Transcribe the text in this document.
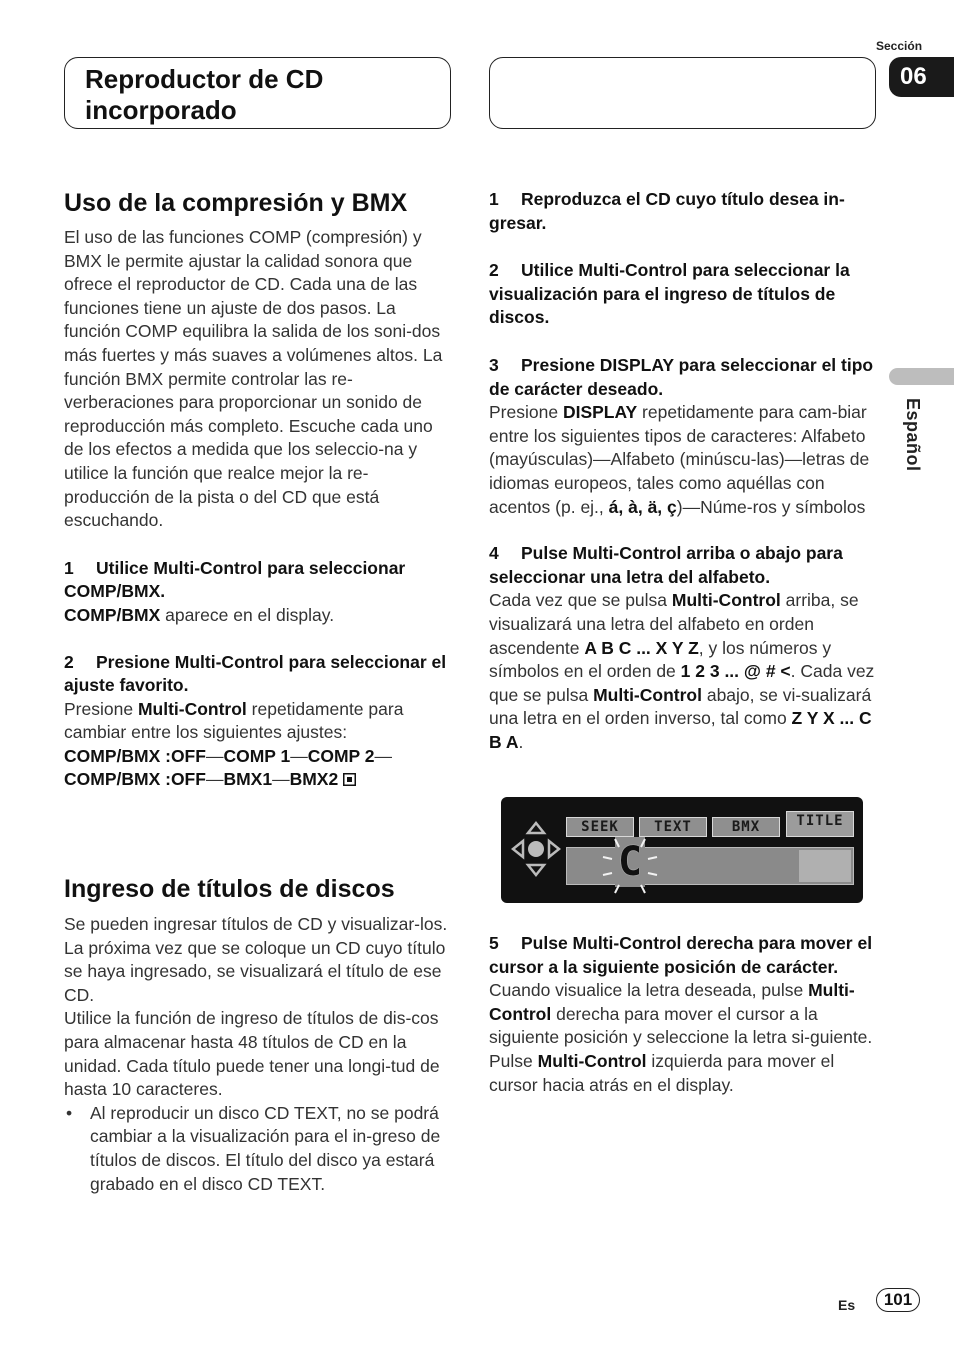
Reproductor de CD incorporado
Sección
06
Español
Uso de la compresión y BMX

El uso de las funciones COMP (compresión) y BMX le permite ajustar la calidad sonora que ofrece el reproductor de CD. Cada una de las funciones tiene un ajuste de dos pasos. La función COMP equilibra la salida de los soni-dos más fuertes y más suaves a volúmenes altos. La función BMX permite controlar las re-verberaciones para proporcionar un sonido de reproducción más completo. Escuche cada uno de los efectos a medida que los seleccio-na y utilice la función que realce mejor la re-producción de la pista o del CD que está escuchando.

1 Utilice Multi-Control para seleccionar COMP/BMX.

COMP/BMX aparece en el display.

2 Presione Multi-Control para seleccionar el ajuste favorito.

Presione Multi-Control repetidamente para cambiar entre los siguientes ajustes:

COMP/BMX :OFF—COMP 1—COMP 2—
COMP/BMX :OFF—BMX1—BMX2

Ingreso de títulos de discos

Se pueden ingresar títulos de CD y visualizar-los. La próxima vez que se coloque un CD cuyo título se haya ingresado, se visualizará el título de ese CD.

Utilice la función de ingreso de títulos de dis-cos para almacenar hasta 48 títulos de CD en la unidad. Cada título puede tener una longi-tud de hasta 10 caracteres.

• Al reproducir un disco CD TEXT, no se podrá cambiar a la visualización para el in-greso de títulos de discos. El título del disco ya estará grabado en el disco CD TEXT.

1 Reproduzca el CD cuyo título desea in-gresar.

2 Utilice Multi-Control para seleccionar la visualización para el ingreso de títulos de discos.

3 Presione DISPLAY para seleccionar el tipo de carácter deseado.

Presione DISPLAY repetidamente para cam-biar entre los siguientes tipos de caracteres: Alfabeto (mayúsculas)—Alfabeto (minúscu-las)—letras de idiomas europeos, tales como aquéllas con acentos (p. ej., á, à, ä, ç)—Núme-ros y símbolos

4 Pulse Multi-Control arriba o abajo para seleccionar una letra del alfabeto.

Cada vez que se pulsa Multi-Control arriba, se visualizará una letra del alfabeto en orden ascendente A B C ... X Y Z, y los números y símbolos en el orden de 1 2 3 ... @ # <. Cada vez que se pulsa Multi-Control abajo, se vi-sualizará una letra en el orden inverso, tal como Z Y X ... C B A.

SEEK	TEXT	BMX	TITLE
C

5 Pulse Multi-Control derecha para mover el cursor a la siguiente posición de carácter.

Cuando visualice la letra deseada, pulse Multi-Control derecha para mover el cursor a la siguiente posición y seleccione la letra si-guiente. Pulse Multi-Control izquierda para mover el cursor hacia atrás en el display.

Es	101
